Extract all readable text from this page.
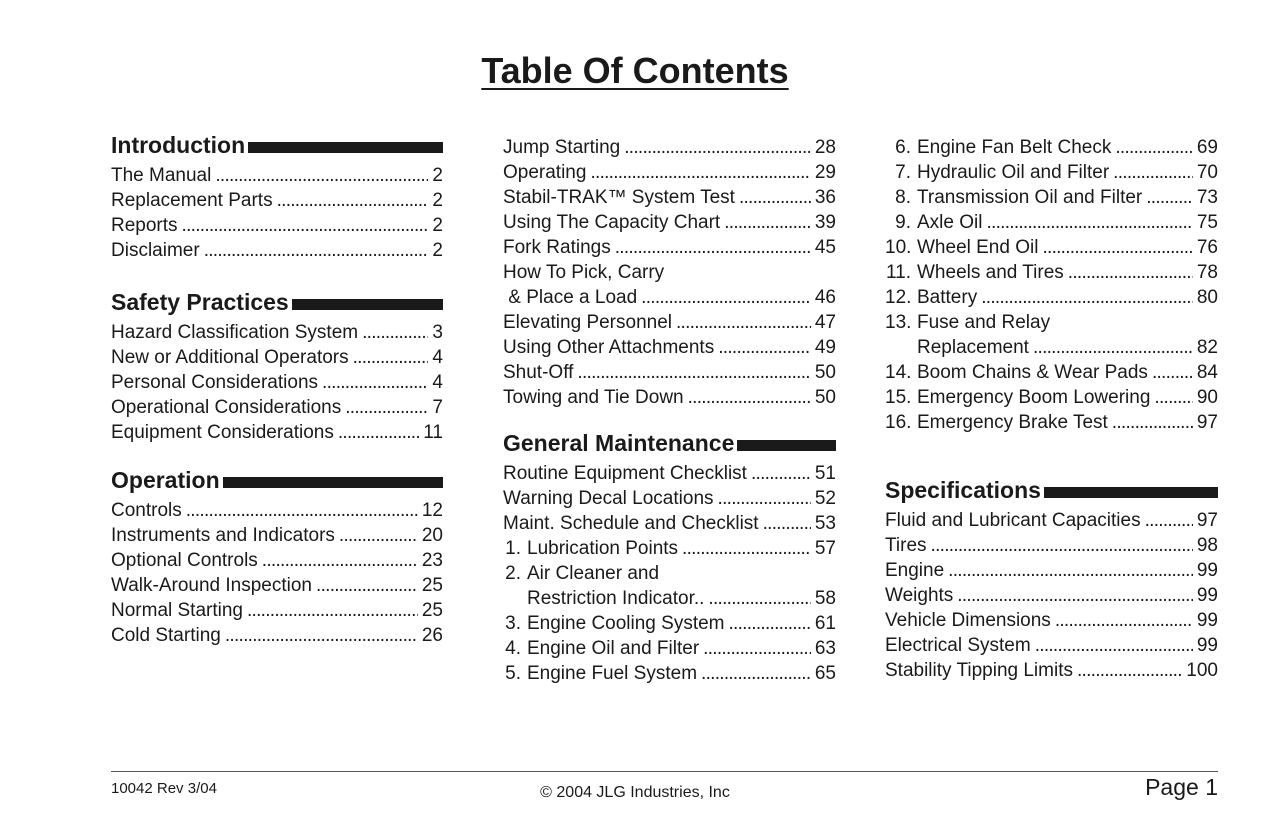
Table Of Contents
Introduction
The Manual . . .	2
Replacement Parts . . .	2
Reports . . .	2
Disclaimer . . .	2
Safety Practices
Hazard Classification System . . .	3
New or Additional Operators . . .	4
Personal Considerations . . .	4
Operational Considerations . . .	7
Equipment Considerations . . .	11
Operation
Controls . . .	12
Instruments and Indicators . . .	20
Optional Controls . . .	23
Walk-Around Inspection . . .	25
Normal Starting . . .	25
Cold Starting . . .	26
Jump Starting . . .	28
Operating . . .	29
Stabil-TRAK™ System Test . . .	36
Using The Capacity Chart . . .	39
Fork Ratings . . .	45
How To Pick, Carry
& Place a Load . . .	46
Elevating Personnel . . .	47
Using Other Attachments . . .	49
Shut-Off . . .	50
Towing and Tie Down . . .	50
General Maintenance
Routine Equipment Checklist . . .	51
Warning Decal Locations . . .	52
Maint. Schedule and Checklist . . .	53
1. Lubrication Points . . .	57
2. Air Cleaner and
Restriction Indicator.. . . .	58
3. Engine Cooling System . . .	61
4. Engine Oil and Filter . . .	63
5. Engine Fuel System . . .	65
6. Engine Fan Belt Check . . .	69
7. Hydraulic Oil and Filter . . .	70
8. Transmission Oil and Filter . . .	73
9. Axle Oil . . .	75
10. Wheel End Oil . . .	76
11. Wheels and Tires . . .	78
12. Battery . . .	80
13. Fuse and Relay
Replacement . . .	82
14. Boom Chains & Wear Pads . . .	84
15. Emergency Boom Lowering . . . 90
16. Emergency Brake Test . . .	97
Specifications
Fluid and Lubricant Capacities . . .	97
Tires . . .	98
Engine . . .	99
Weights . . .	99
Vehicle Dimensions . . .	99
Electrical System . . .	99
Stability Tipping Limits . . .	100
10042 Rev 3/04	© 2004 JLG Industries, Inc	Page 1
